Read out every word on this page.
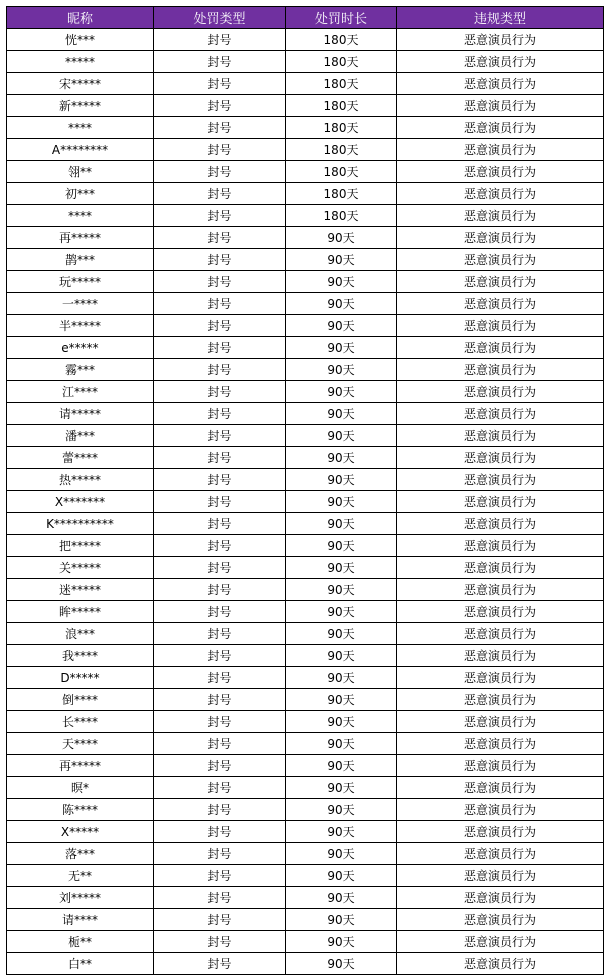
昵称	处罚类型	处罚时长	违规类型
恍***	封号	180天	恶意演员行为
*****	封号	180天	恶意演员行为
宋*****	封号	180天	恶意演员行为
新*****	封号	180天	恶意演员行为
****	封号	180天	恶意演员行为
A********	封号	180天	恶意演员行为
翎**	封号	180天	恶意演员行为
初***	封号	180天	恶意演员行为
****	封号	180天	恶意演员行为
再*****	封号	90天	恶意演员行为
鹊***	封号	90天	恶意演员行为
玩*****	封号	90天	恶意演员行为
一****	封号	90天	恶意演员行为
半*****	封号	90天	恶意演员行为
e*****	封号	90天	恶意演员行为
霧***	封号	90天	恶意演员行为
江****	封号	90天	恶意演员行为
请*****	封号	90天	恶意演员行为
潘***	封号	90天	恶意演员行为
蕾****	封号	90天	恶意演员行为
热*****	封号	90天	恶意演员行为
X*******	封号	90天	恶意演员行为
K**********	封号	90天	恶意演员行为
把*****	封号	90天	恶意演员行为
关*****	封号	90天	恶意演员行为
迷*****	封号	90天	恶意演员行为
眸*****	封号	90天	恶意演员行为
浪***	封号	90天	恶意演员行为
我****	封号	90天	恶意演员行为
D*****	封号	90天	恶意演员行为
倒****	封号	90天	恶意演员行为
长****	封号	90天	恶意演员行为
天****	封号	90天	恶意演员行为
再*****	封号	90天	恶意演员行为
暝*	封号	90天	恶意演员行为
陈****	封号	90天	恶意演员行为
X*****	封号	90天	恶意演员行为
落***	封号	90天	恶意演员行为
无**	封号	90天	恶意演员行为
刘*****	封号	90天	恶意演员行为
请****	封号	90天	恶意演员行为
栀**	封号	90天	恶意演员行为
白**	封号	90天	恶意演员行为
